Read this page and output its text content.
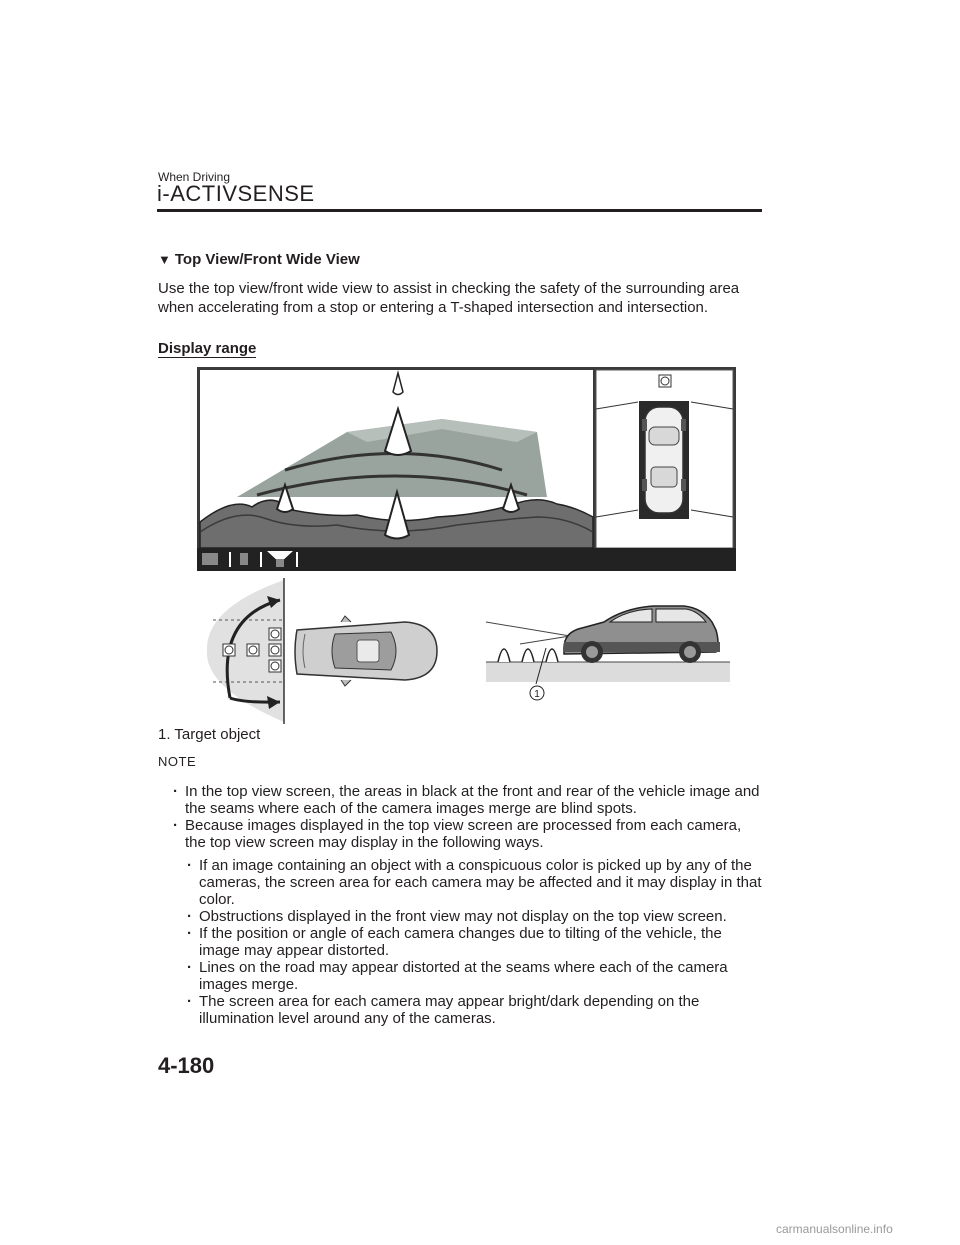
When Driving
i-ACTIVSENSE
▼ Top View/Front Wide View

Use the top view/front wide view to assist in checking the safety of the surrounding area when accelerating from a stop or entering a T-shaped intersection and intersection.

Display range
1
1. Target object
NOTE

· In the top view screen, the areas in black at the front and rear of the vehicle image and the seams where each of the camera images merge are blind spots.

· Because images displayed in the top view screen are processed from each camera, the top view screen may display in the following ways.

· If an image containing an object with a conspicuous color is picked up by any of the cameras, the screen area for each camera may be affected and it may display in that color.

· Obstructions displayed in the front view may not display on the top view screen.

· If the position or angle of each camera changes due to tilting of the vehicle, the image may appear distorted.

· Lines on the road may appear distorted at the seams where each of the camera images merge.

· The screen area for each camera may appear bright/dark depending on the illumination level around any of the cameras.

4-180
carmanualsonline.info
